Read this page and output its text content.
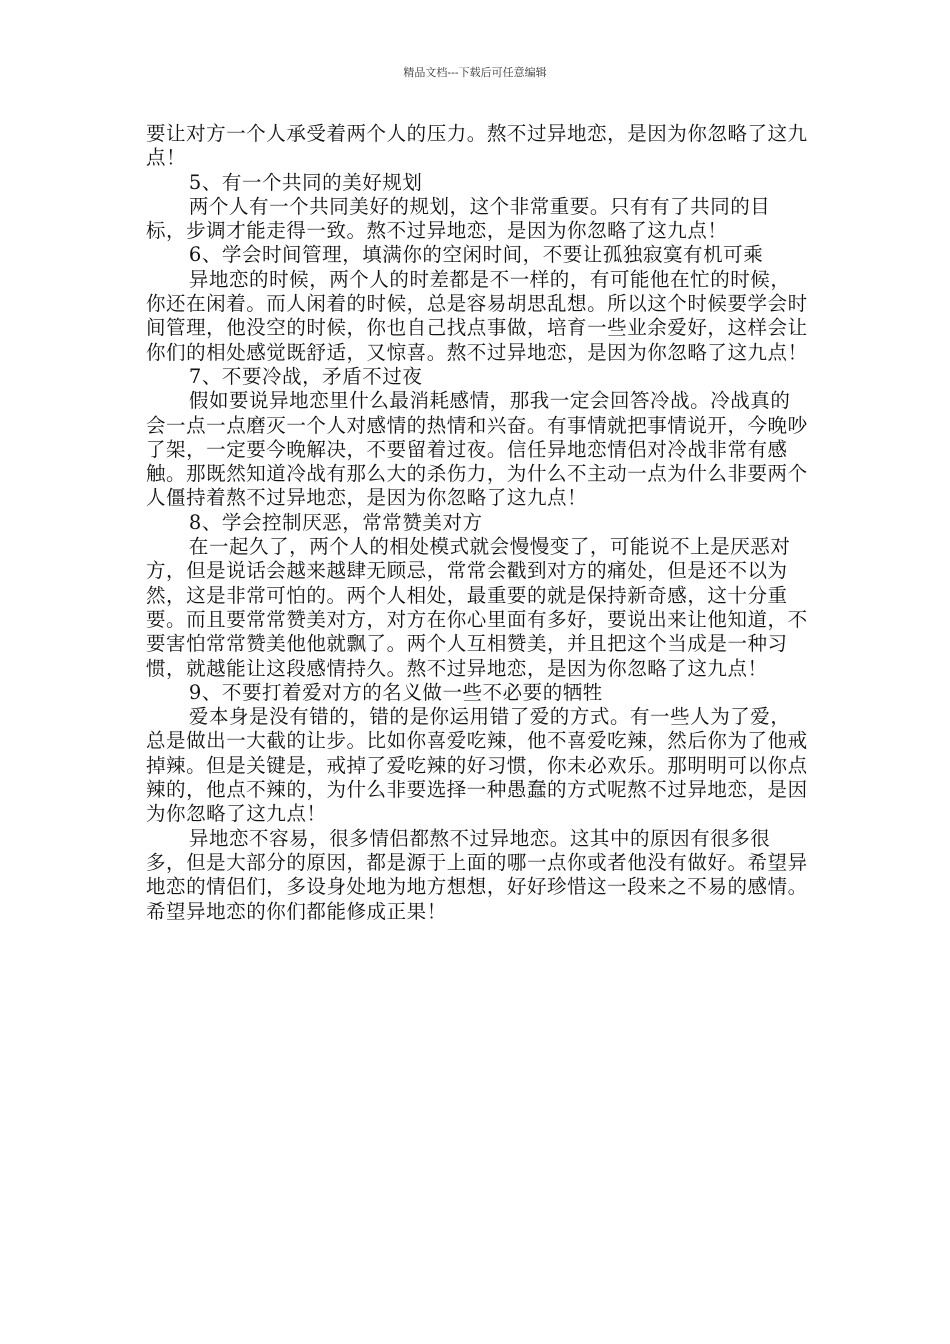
精品文档---下载后可任意编辑

要让对方一个人承受着两个人的压力。熬不过异地恋，是因为你忽略了这九点！

5、有一个共同的美好规划

两个人有一个共同美好的规划，这个非常重要。只有有了共同的目标，步调才能走得一致。熬不过异地恋，是因为你忽略了这九点！

6、学会时间管理，填满你的空闲时间，不要让孤独寂寞有机可乘

异地恋的时候，两个人的时差都是不一样的，有可能他在忙的时候，你还在闲着。而人闲着的时候，总是容易胡思乱想。所以这个时候要学会时间管理，他没空的时候，你也自己找点事做，培育一些业余爱好，这样会让你们的相处感觉既舒适，又惊喜。熬不过异地恋，是因为你忽略了这九点！

7、不要冷战，矛盾不过夜

假如要说异地恋里什么最消耗感情，那我一定会回答冷战。冷战真的会一点一点磨灭一个人对感情的热情和兴奋。有事情就把事情说开，今晚吵了架，一定要今晚解决，不要留着过夜。信任异地恋情侣对冷战非常有感触。那既然知道冷战有那么大的杀伤力，为什么不主动一点为什么非要两个人僵持着熬不过异地恋，是因为你忽略了这九点！

8、学会控制厌恶，常常赞美对方

在一起久了，两个人的相处模式就会慢慢变了，可能说不上是厌恶对方，但是说话会越来越肆无顾忌，常常会戳到对方的痛处，但是还不以为然，这是非常可怕的。两个人相处，最重要的就是保持新奇感，这十分重要。而且要常常赞美对方，对方在你心里面有多好，要说出来让他知道，不要害怕常常赞美他他就飘了。两个人互相赞美，并且把这个当成是一种习惯，就越能让这段感情持久。熬不过异地恋，是因为你忽略了这九点！

9、不要打着爱对方的名义做一些不必要的牺牲

爱本身是没有错的，错的是你运用错了爱的方式。有一些人为了爱，总是做出一大截的让步。比如你喜爱吃辣，他不喜爱吃辣，然后你为了他戒掉辣。但是关键是，戒掉了爱吃辣的好习惯，你未必欢乐。那明明可以你点辣的，他点不辣的，为什么非要选择一种愚蠢的方式呢熬不过异地恋，是因为你忽略了这九点！

异地恋不容易，很多情侣都熬不过异地恋。这其中的原因有很多很多，但是大部分的原因，都是源于上面的哪一点你或者他没有做好。希望异地恋的情侣们，多设身处地为地方想想，好好珍惜这一段来之不易的感情。希望异地恋的你们都能修成正果！
